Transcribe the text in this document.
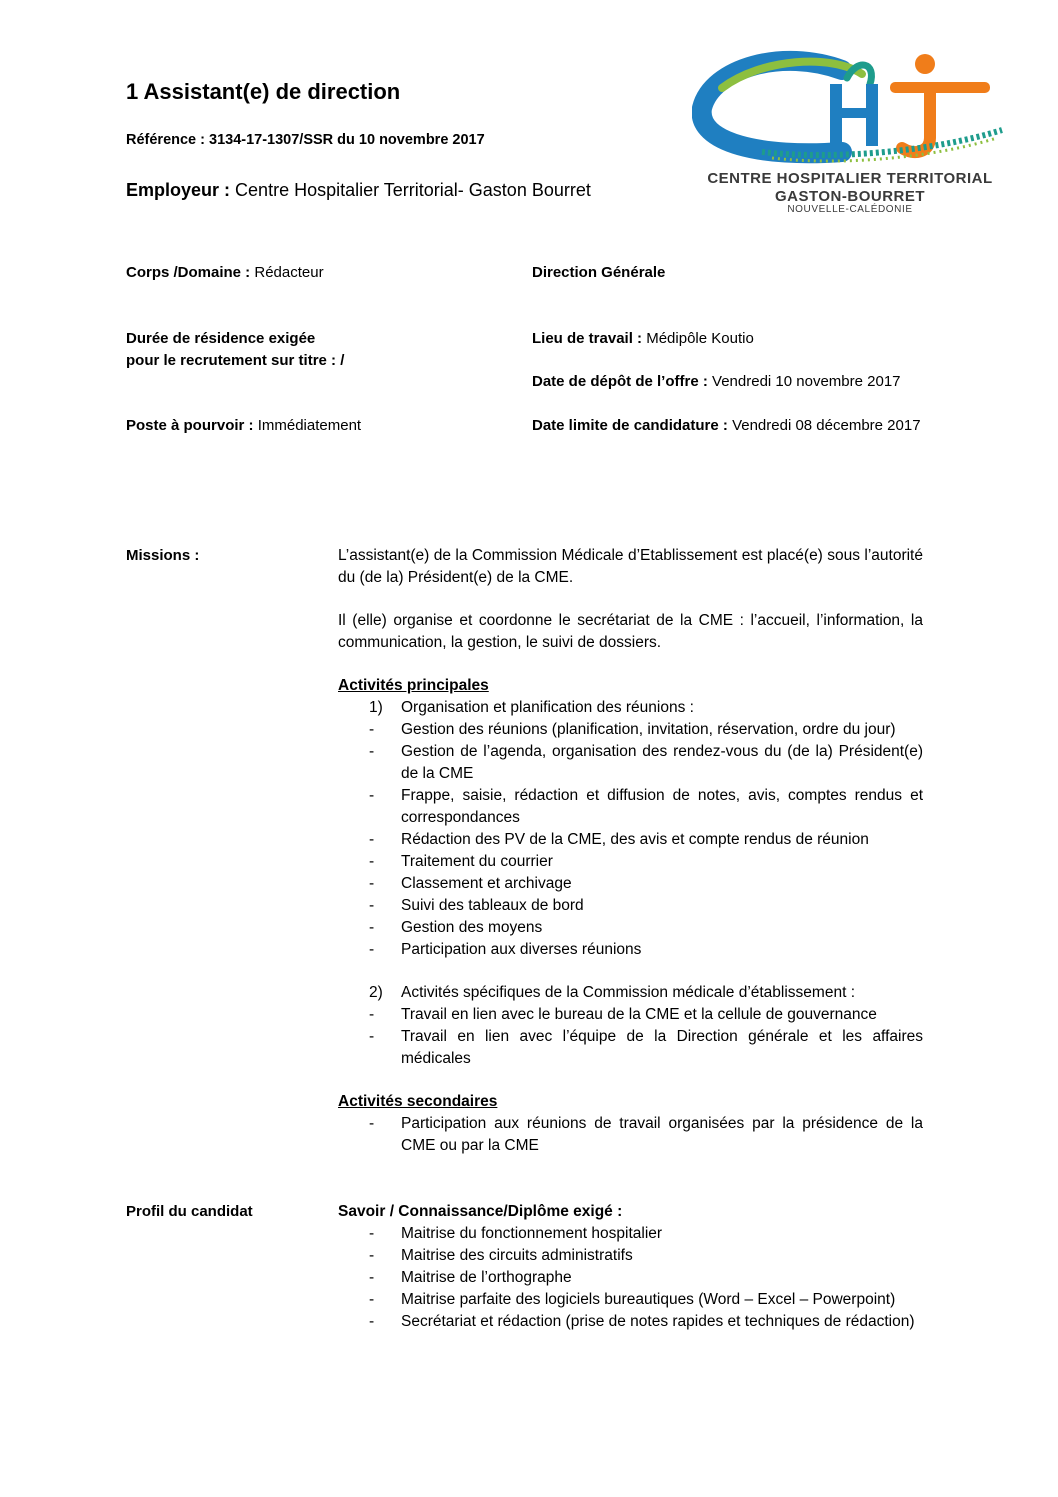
1 Assistant(e) de direction
Référence : 3134-17-1307/SSR du 10 novembre 2017
Employeur : Centre Hospitalier Territorial- Gaston Bourret
CENTRE HOSPITALIER TERRITORIAL
GASTON-BOURRET
NOUVELLE-CALÉDONIE
Corps /Domaine : Rédacteur	Direction Générale
Durée de résidence exigée
pour le recrutement sur titre : /
Lieu de travail : Médipôle Koutio
Date de dépôt de l’offre : Vendredi 10 novembre 2017
Poste à pourvoir : Immédiatement	Date limite de candidature : Vendredi 08 décembre 2017
Missions :	L’assistant(e) de la Commission Médicale d’Etablissement est placé(e) sous l’autorité du (de la) Président(e) de la CME.

Il (elle) organise et coordonne le secrétariat de la CME : l’accueil, l’information, la communication, la gestion, le suivi de dossiers.

Activités principales
1) Organisation et planification des réunions :
- Gestion des réunions (planification, invitation, réservation, ordre du jour)
- Gestion de l’agenda, organisation des rendez-vous du (de la) Président(e) de la CME
- Frappe, saisie, rédaction et diffusion de notes, avis, comptes rendus et correspondances
- Rédaction des PV de la CME, des avis et compte rendus de réunion
- Traitement du courrier
- Classement et archivage
- Suivi des tableaux de bord
- Gestion des moyens
- Participation aux diverses réunions
2) Activités spécifiques de la Commission médicale d’établissement :
- Travail en lien avec le bureau de la CME et la cellule de gouvernance
- Travail en lien avec l’équipe de la Direction générale et les affaires médicales
Activités secondaires
- Participation aux réunions de travail organisées par la présidence de la CME ou par la CME
Profil du candidat	Savoir / Connaissance/Diplôme exigé :
- Maitrise du fonctionnement hospitalier
- Maitrise des circuits administratifs
- Maitrise de l’orthographe
- Maitrise parfaite des logiciels bureautiques (Word – Excel – Powerpoint)
- Secrétariat et rédaction (prise de notes rapides et techniques de rédaction)
